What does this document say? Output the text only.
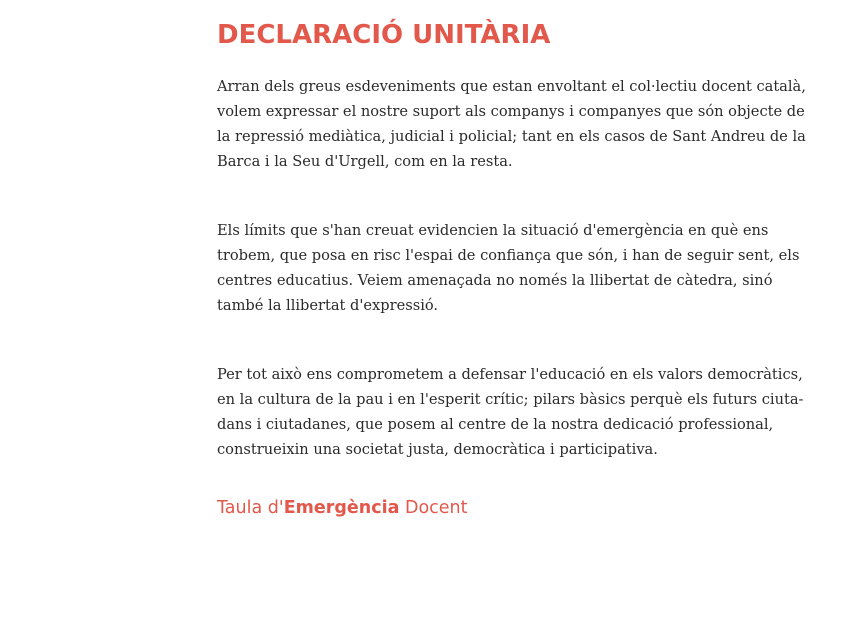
DECLARACIÓ UNITÀRIA

Arran dels greus esdeveniments que estan envoltant el col·lectiu docent català,
volem expressar el nostre suport als companys i companyes que són objecte de
la repressió mediàtica, judicial i policial; tant en els casos de Sant Andreu de la
Barca i la Seu d'Urgell, com en la resta.

Els límits que s'han creuat evidencien la situació d'emergència en què ens
trobem, que posa en risc l'espai de confiança que són, i han de seguir sent, els
centres educatius. Veiem amenaçada no només la llibertat de càtedra, sinó
també la llibertat d'expressió.

Per tot això ens comprometem a defensar l'educació en els valors democràtics,
en la cultura de la pau i en l'esperit crític; pilars bàsics perquè els futurs ciuta-
dans i ciutadanes, que posem al centre de la nostra dedicació professional,
construeixin una societat justa, democràtica i participativa.

Taula d'Emergència Docent
